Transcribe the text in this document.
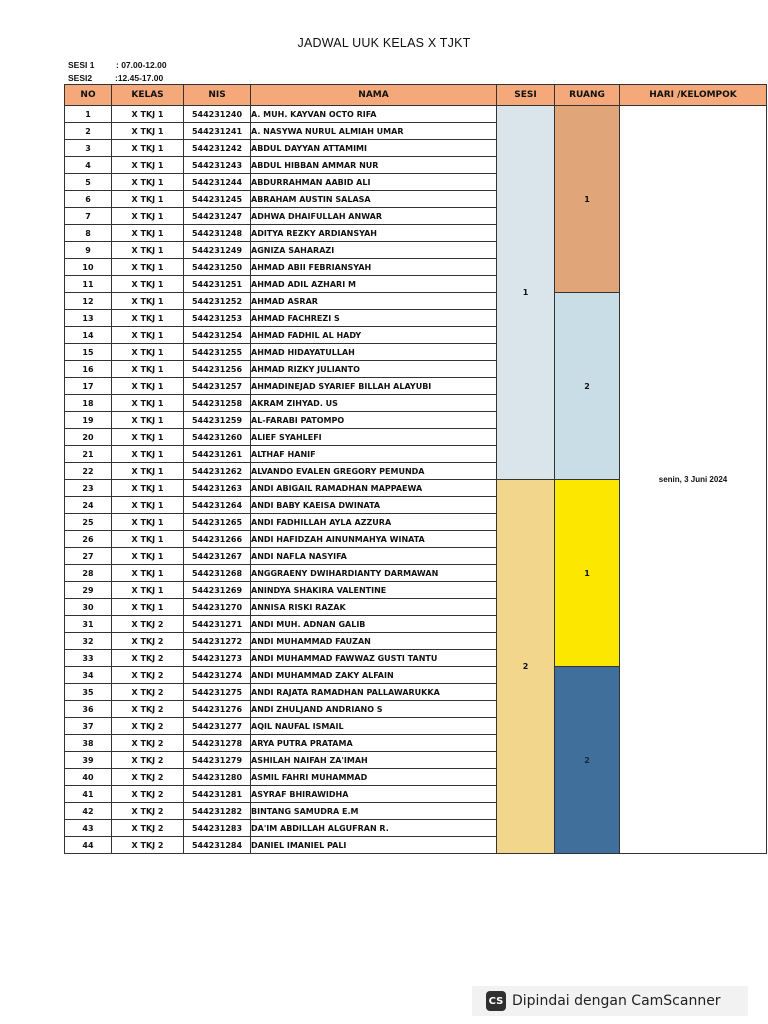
JADWAL UUK KELAS X TJKT
SESI 1	: 07.00-12.00
SESI2	:12.45-17.00
NO	KELAS	NIS	NAMA	SESI	RUANG	HARI /KELOMPOK
1	X TKJ 1	544231240	A. MUH. KAYVAN OCTO RIFA	1	1	senin, 3 Juni 2024
2	X TKJ 1	544231241	A. NASYWA NURUL ALMIAH UMAR			
3	X TKJ 1	544231242	ABDUL DAYYAN ATTAMIMI			
4	X TKJ 1	544231243	ABDUL HIBBAN AMMAR NUR			
5	X TKJ 1	544231244	ABDURRAHMAN AABID ALI			
6	X TKJ 1	544231245	ABRAHAM AUSTIN SALASA			
7	X TKJ 1	544231247	ADHWA DHAIFULLAH ANWAR			
8	X TKJ 1	544231248	ADITYA REZKY ARDIANSYAH			
9	X TKJ 1	544231249	AGNIZA SAHARAZI			
10	X TKJ 1	544231250	AHMAD ABII FEBRIANSYAH			
11	X TKJ 1	544231251	AHMAD ADIL AZHARI M			
12	X TKJ 1	544231252	AHMAD ASRAR		2	
13	X TKJ 1	544231253	AHMAD FACHREZI S			
14	X TKJ 1	544231254	AHMAD FADHIL AL HADY			
15	X TKJ 1	544231255	AHMAD HIDAYATULLAH			
16	X TKJ 1	544231256	AHMAD RIZKY JULIANTO			
17	X TKJ 1	544231257	AHMADINEJAD SYARIEF BILLAH ALAYUBI			
18	X TKJ 1	544231258	AKRAM ZIHYAD. US			
19	X TKJ 1	544231259	AL-FARABI PATOMPO			
20	X TKJ 1	544231260	ALIEF SYAHLEFI			
21	X TKJ 1	544231261	ALTHAF HANIF			
22	X TKJ 1	544231262	ALVANDO EVALEN GREGORY PEMUNDA			
23	X TKJ 1	544231263	ANDI ABIGAIL RAMADHAN MAPPAEWA	2	1	
24	X TKJ 1	544231264	ANDI BABY KAEISA DWINATA			
25	X TKJ 1	544231265	ANDI FADHILLAH AYLA AZZURA			
26	X TKJ 1	544231266	ANDI HAFIDZAH AINUNMAHYA WINATA			
27	X TKJ 1	544231267	ANDI NAFLA NASYIFA			
28	X TKJ 1	544231268	ANGGRAENY DWIHARDIANTY DARMAWAN			
29	X TKJ 1	544231269	ANINDYA SHAKIRA VALENTINE			
30	X TKJ 1	544231270	ANNISA RISKI RAZAK			
31	X TKJ 2	544231271	ANDI MUH. ADNAN GALIB			
32	X TKJ 2	544231272	ANDI MUHAMMAD FAUZAN			
33	X TKJ 2	544231273	ANDI MUHAMMAD FAWWAZ GUSTI TANTU			
34	X TKJ 2	544231274	ANDI MUHAMMAD ZAKY ALFAIN		2	
35	X TKJ 2	544231275	ANDI RAJATA RAMADHAN PALLAWARUKKA			
36	X TKJ 2	544231276	ANDI ZHULJAND ANDRIANO S			
37	X TKJ 2	544231277	AQIL NAUFAL ISMAIL			
38	X TKJ 2	544231278	ARYA PUTRA PRATAMA			
39	X TKJ 2	544231279	ASHILAH NAIFAH ZA'IMAH			
40	X TKJ 2	544231280	ASMIL FAHRI MUHAMMAD			
41	X TKJ 2	544231281	ASYRAF BHIRAWIDHA			
42	X TKJ 2	544231282	BINTANG SAMUDRA E.M			
43	X TKJ 2	544231283	DA'IM ABDILLAH ALGUFRAN R.			
44	X TKJ 2	544231284	DANIEL IMANIEL PALI			
CS Dipindai dengan CamScanner
